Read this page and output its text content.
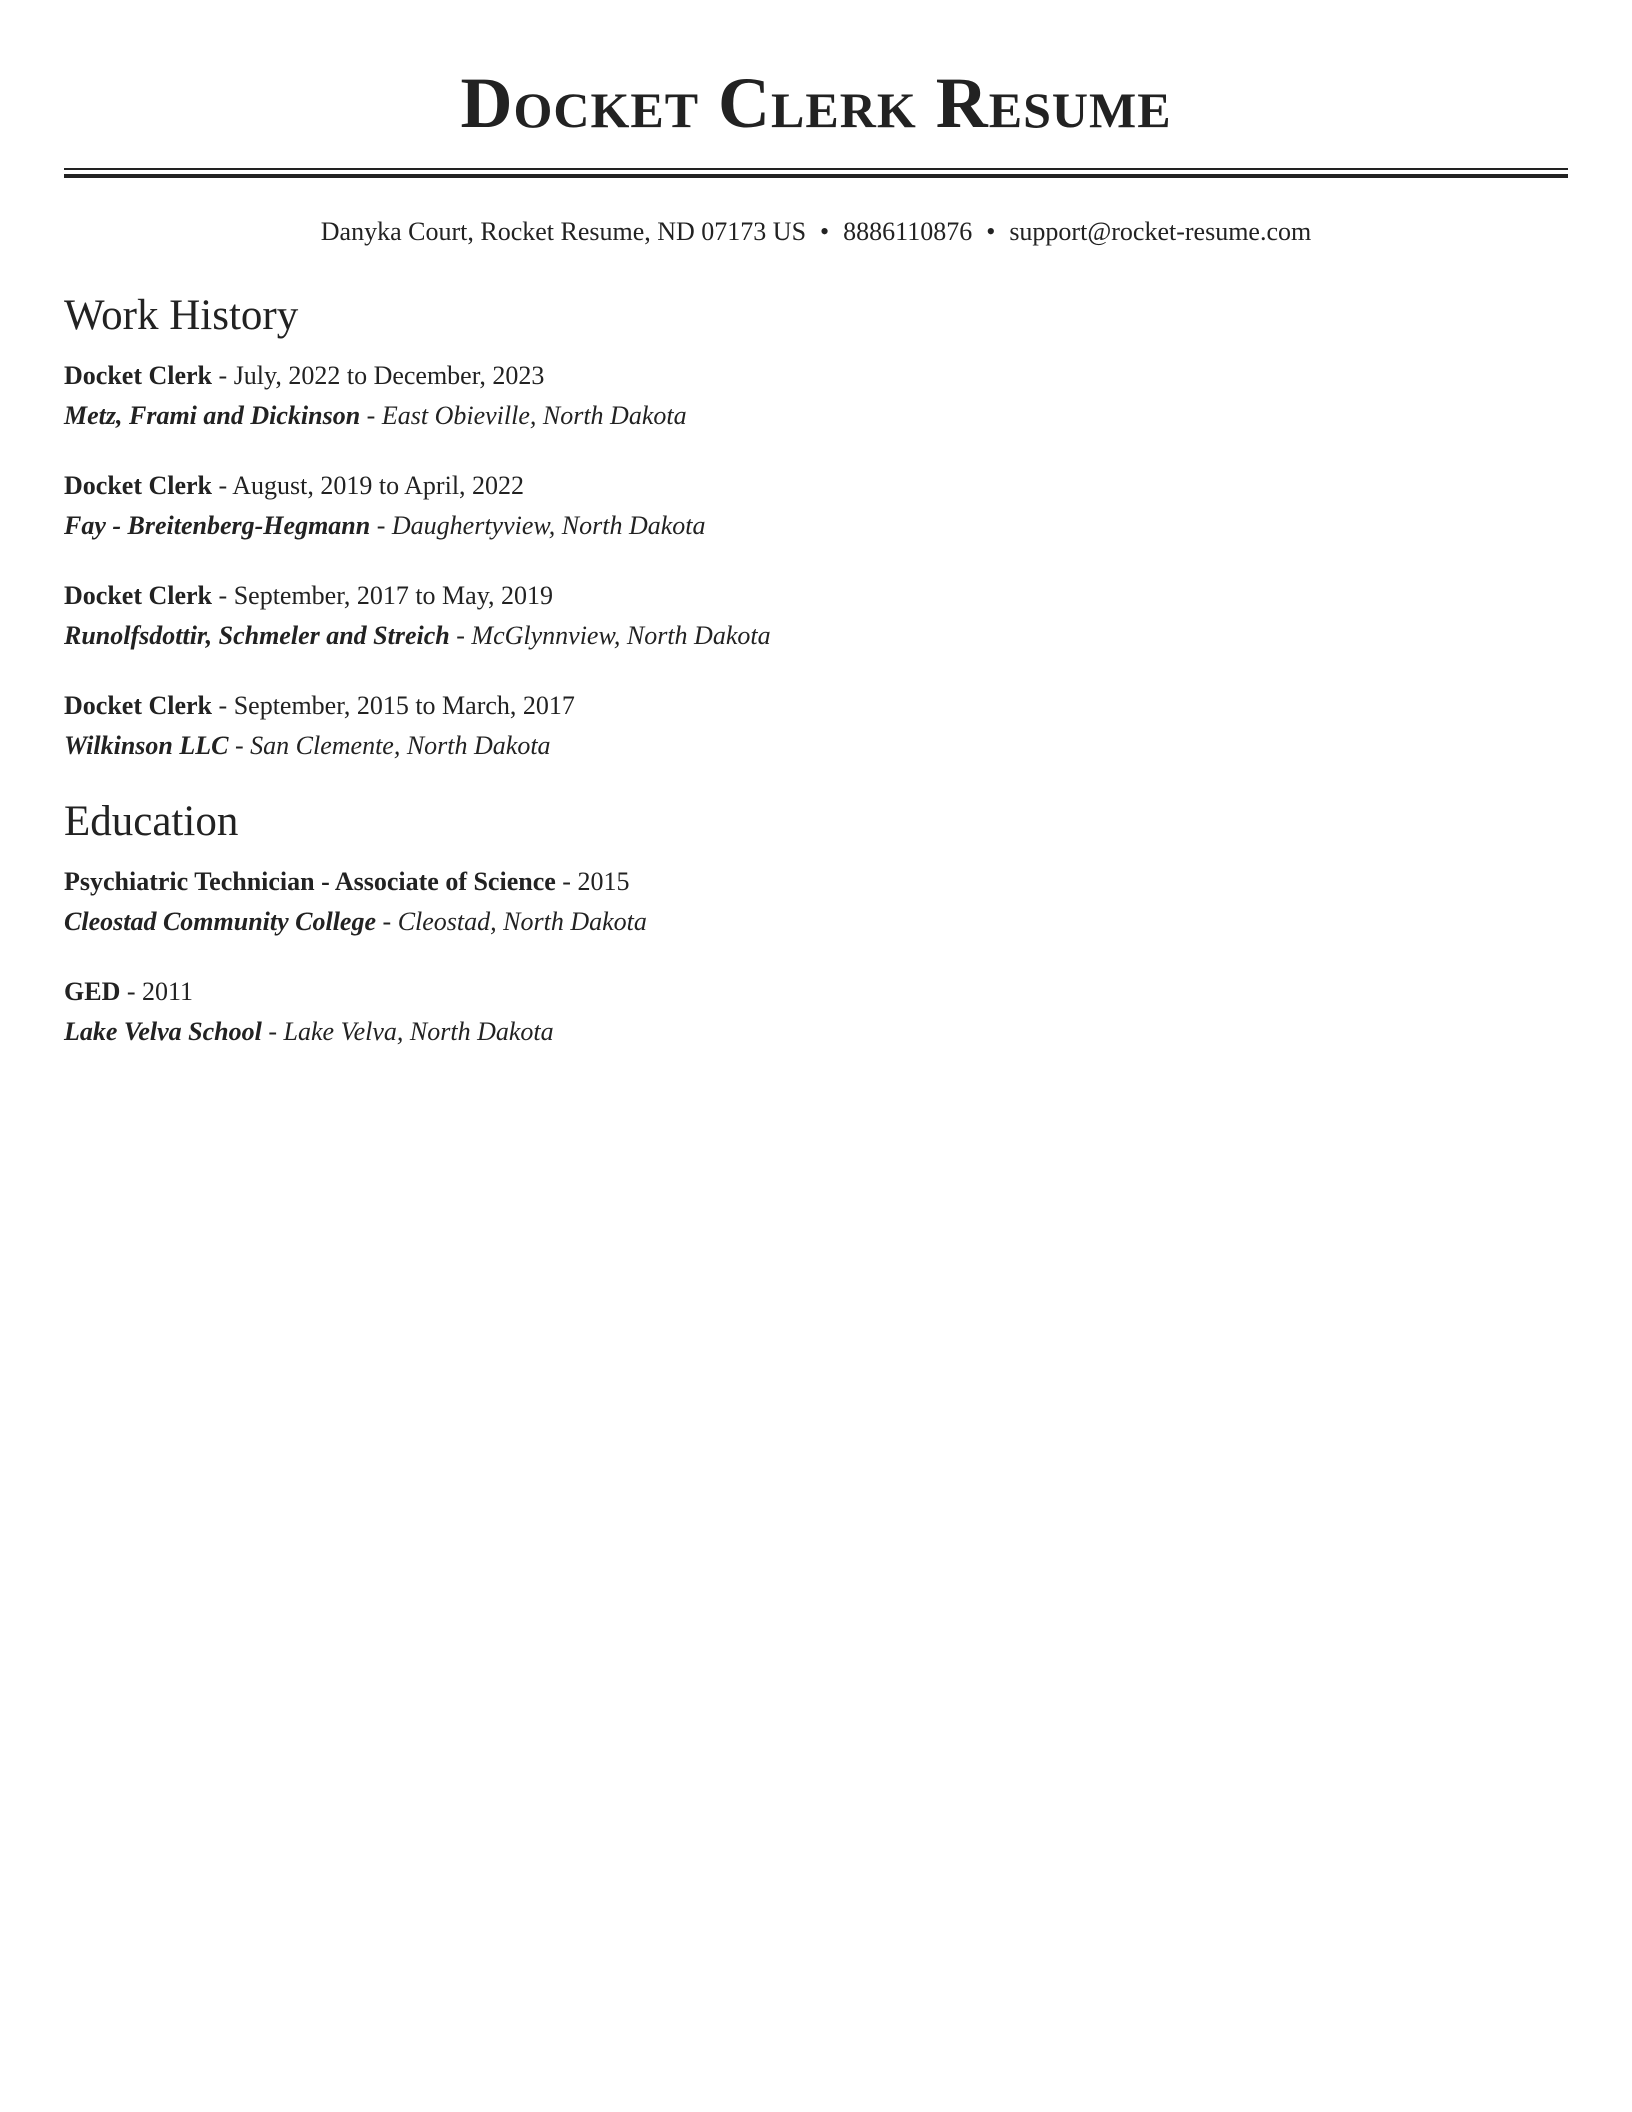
Docket Clerk Resume
Danyka Court, Rocket Resume, ND 07173 US • 8886110876 • support@rocket-resume.com
Work History
Docket Clerk - July, 2022 to December, 2023
Metz, Frami and Dickinson - East Obieville, North Dakota
Docket Clerk - August, 2019 to April, 2022
Fay - Breitenberg-Hegmann - Daughertyview, North Dakota
Docket Clerk - September, 2017 to May, 2019
Runolfsdottir, Schmeler and Streich - McGlynnview, North Dakota
Docket Clerk - September, 2015 to March, 2017
Wilkinson LLC - San Clemente, North Dakota
Education
Psychiatric Technician - Associate of Science - 2015
Cleostad Community College - Cleostad, North Dakota
GED - 2011
Lake Velva School - Lake Velva, North Dakota
